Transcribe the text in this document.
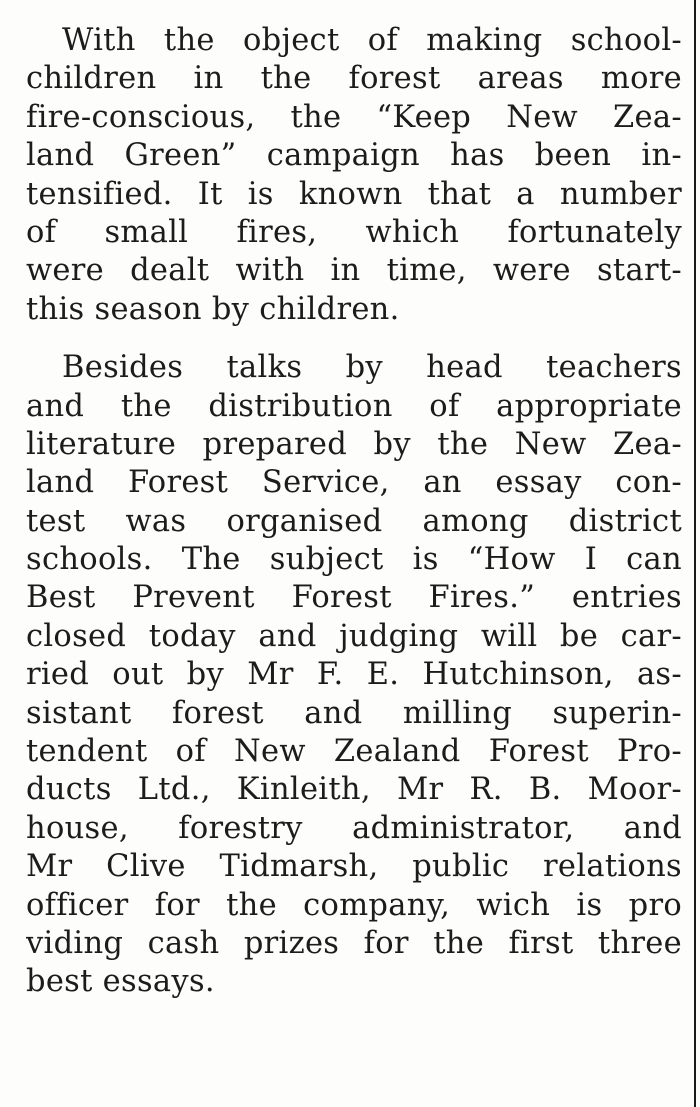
With the object of making school-
children in the forest areas more
fire-conscious, the “Keep New Zea-
land Green” campaign has been in-
tensified. It is known that a number
of small fires, which fortunately
were dealt with in time, were start-
this season by children.
Besides talks by head teachers
and the distribution of appropriate
literature prepared by the New Zea-
land Forest Service, an essay con-
test was organised among district
schools. The subject is “How I can
Best Prevent Forest Fires.” entries
closed today and judging will be car-
ried out by Mr F. E. Hutchinson, as-
sistant forest and milling superin-
tendent of New Zealand Forest Pro-
ducts Ltd., Kinleith, Mr R. B. Moor-
house, forestry administrator, and
Mr Clive Tidmarsh, public relations
officer for the company, wich is pro
viding cash prizes for the first three
best essays.
